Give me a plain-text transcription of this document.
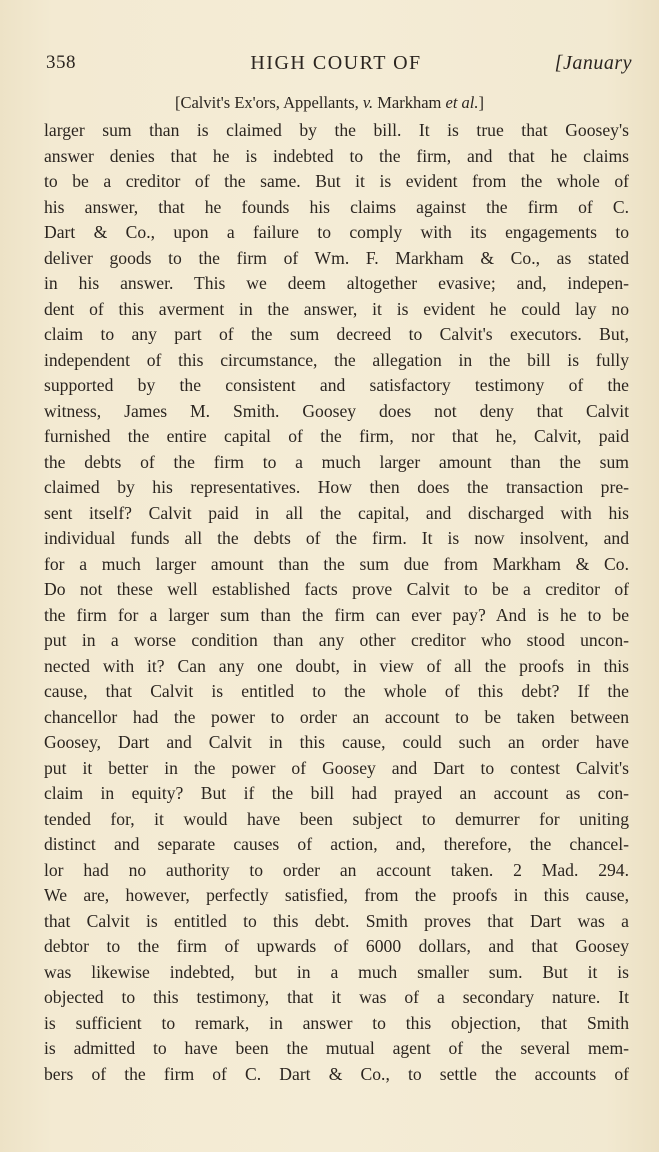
358	HIGH COURT OF	[January
[Calvit's Ex'ors, Appellants, v. Markham et al.]
larger sum than is claimed by the bill. It is true that Goosey's
answer denies that he is indebted to the firm, and that he claims
to be a creditor of the same. But it is evident from the whole of
his answer, that he founds his claims against the firm of C.
Dart & Co., upon a failure to comply with its engagements to
deliver goods to the firm of Wm. F. Markham & Co., as stated
in his answer. This we deem altogether evasive; and, indepen-
dent of this averment in the answer, it is evident he could lay no
claim to any part of the sum decreed to Calvit's executors. But,
independent of this circumstance, the allegation in the bill is fully
supported by the consistent and satisfactory testimony of the
witness, James M. Smith. Goosey does not deny that Calvit
furnished the entire capital of the firm, nor that he, Calvit, paid
the debts of the firm to a much larger amount than the sum
claimed by his representatives. How then does the transaction pre-
sent itself? Calvit paid in all the capital, and discharged with his
individual funds all the debts of the firm. It is now insolvent, and
for a much larger amount than the sum due from Markham & Co.
Do not these well established facts prove Calvit to be a creditor of
the firm for a larger sum than the firm can ever pay? And is he to be
put in a worse condition than any other creditor who stood uncon-
nected with it? Can any one doubt, in view of all the proofs in this
cause, that Calvit is entitled to the whole of this debt? If the
chancellor had the power to order an account to be taken between
Goosey, Dart and Calvit in this cause, could such an order have
put it better in the power of Goosey and Dart to contest Calvit's
claim in equity? But if the bill had prayed an account as con-
tended for, it would have been subject to demurrer for uniting
distinct and separate causes of action, and, therefore, the chancel-
lor had no authority to order an account taken. 2 Mad. 294.
We are, however, perfectly satisfied, from the proofs in this cause,
that Calvit is entitled to this debt. Smith proves that Dart was a
debtor to the firm of upwards of 6000 dollars, and that Goosey
was likewise indebted, but in a much smaller sum. But it is
objected to this testimony, that it was of a secondary nature. It
is sufficient to remark, in answer to this objection, that Smith
is admitted to have been the mutual agent of the several mem-
bers of the firm of C. Dart & Co., to settle the accounts of
